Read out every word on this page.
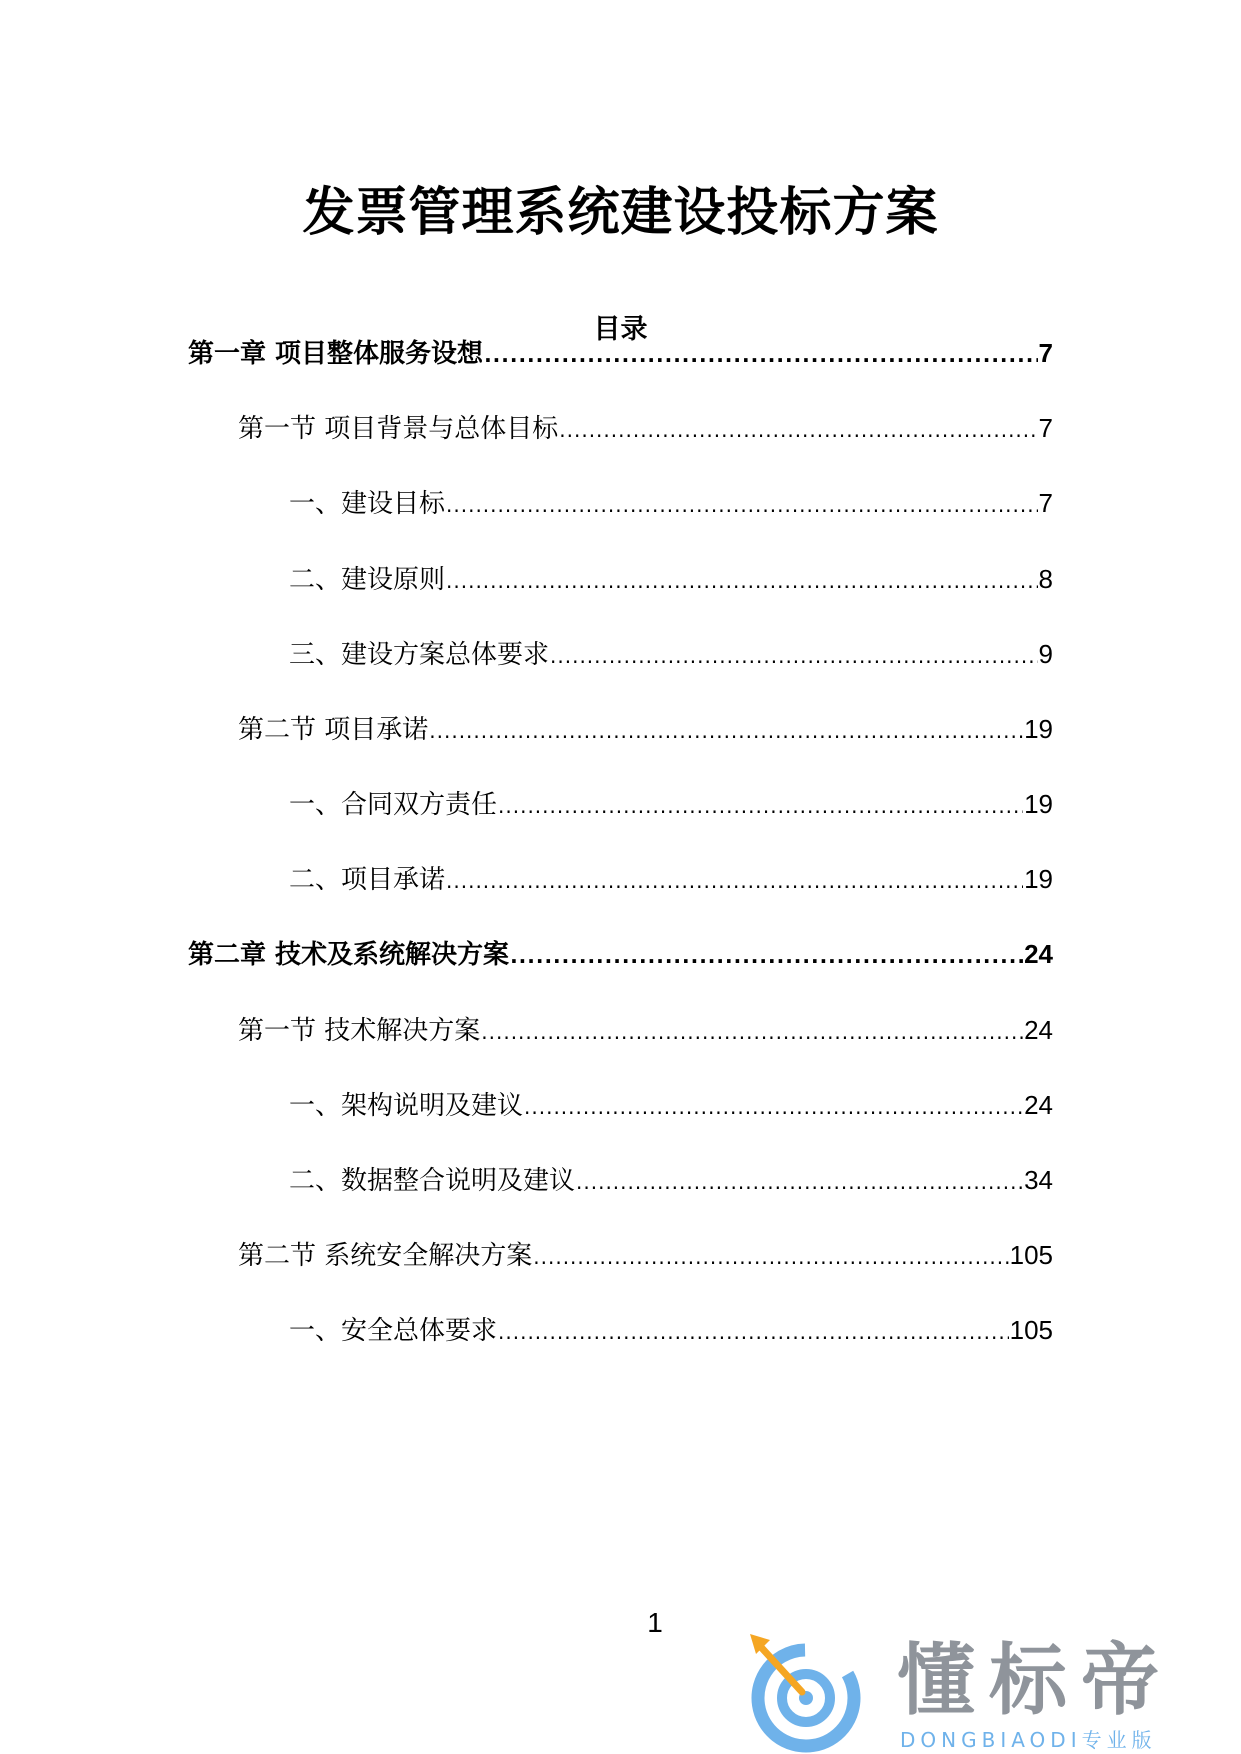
发票管理系统建设投标方案
目录
第一章 项目整体服务设想 .....	7
第一节 项目背景与总体目标 .....	7
一、建设目标 .....	7
二、建设原则 .....	8
三、建设方案总体要求 .....	9
第二节 项目承诺 .....	19
一、合同双方责任 .....	19
二、项目承诺 .....	19
第二章 技术及系统解决方案 .....	24
第一节 技术解决方案 .....	24
一、架构说明及建议 .....	24
二、数据整合说明及建议 .....	34
第二节 系统安全解决方案 .....	105
一、安全总体要求 .....	105
1
懂标帝
DONGBIAODI专业版
